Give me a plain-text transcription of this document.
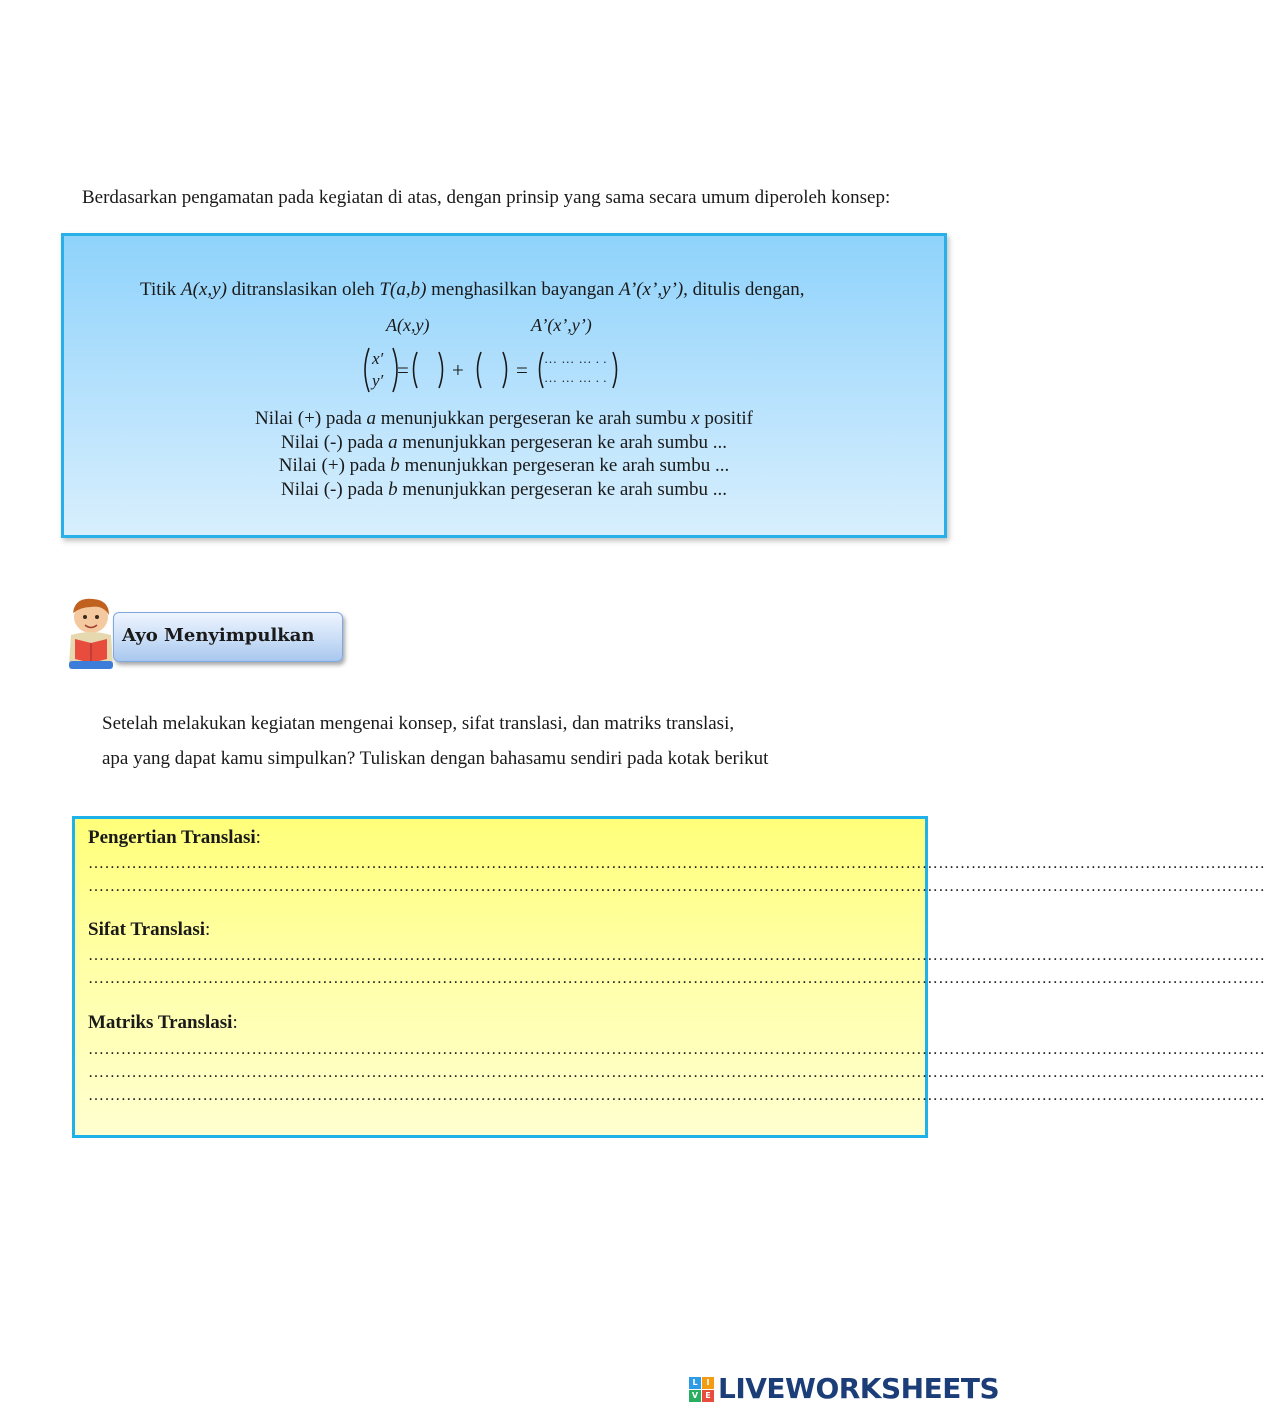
Berdasarkan pengamatan pada kegiatan di atas, dengan prinsip yang sama secara umum diperoleh konsep:
Titik A(x,y) ditranslasikan oleh T(a,b) menghasilkan bayangan A’(x’,y’), ditulis dengan,
A(x,y)	A’(x’,y’)
x′
y′ = + = … … … . .
… … … . .
Nilai (+) pada a menunjukkan pergeseran ke arah sumbu x positif
Nilai (-) pada a menunjukkan pergeseran ke arah sumbu ...
Nilai (+) pada b menunjukkan pergeseran ke arah sumbu ...
Nilai (-) pada b menunjukkan pergeseran ke arah sumbu ...
Ayo Menyimpulkan
Setelah melakukan kegiatan mengenai konsep, sifat translasi, dan matriks translasi,
apa yang dapat kamu simpulkan? Tuliskan dengan bahasamu sendiri pada kotak berikut
Pengertian Translasi:
………………………………………………………………………………………………………………………………………………………………………………………………
………………………………………………………………………………………………………………………………………………………………………………………………
Sifat Translasi:
………………………………………………………………………………………………………………………………………………………………………………………………
………………………………………………………………………………………………………………………………………………………………………………………………
Matriks Translasi:
………………………………………………………………………………………………………………………………………………………………………………………………
………………………………………………………………………………………………………………………………………………………………………………………………
………………………………………………………………………………………………………………………………………………………………………………………………
L	I
V E LIVEWORKSHEETS
